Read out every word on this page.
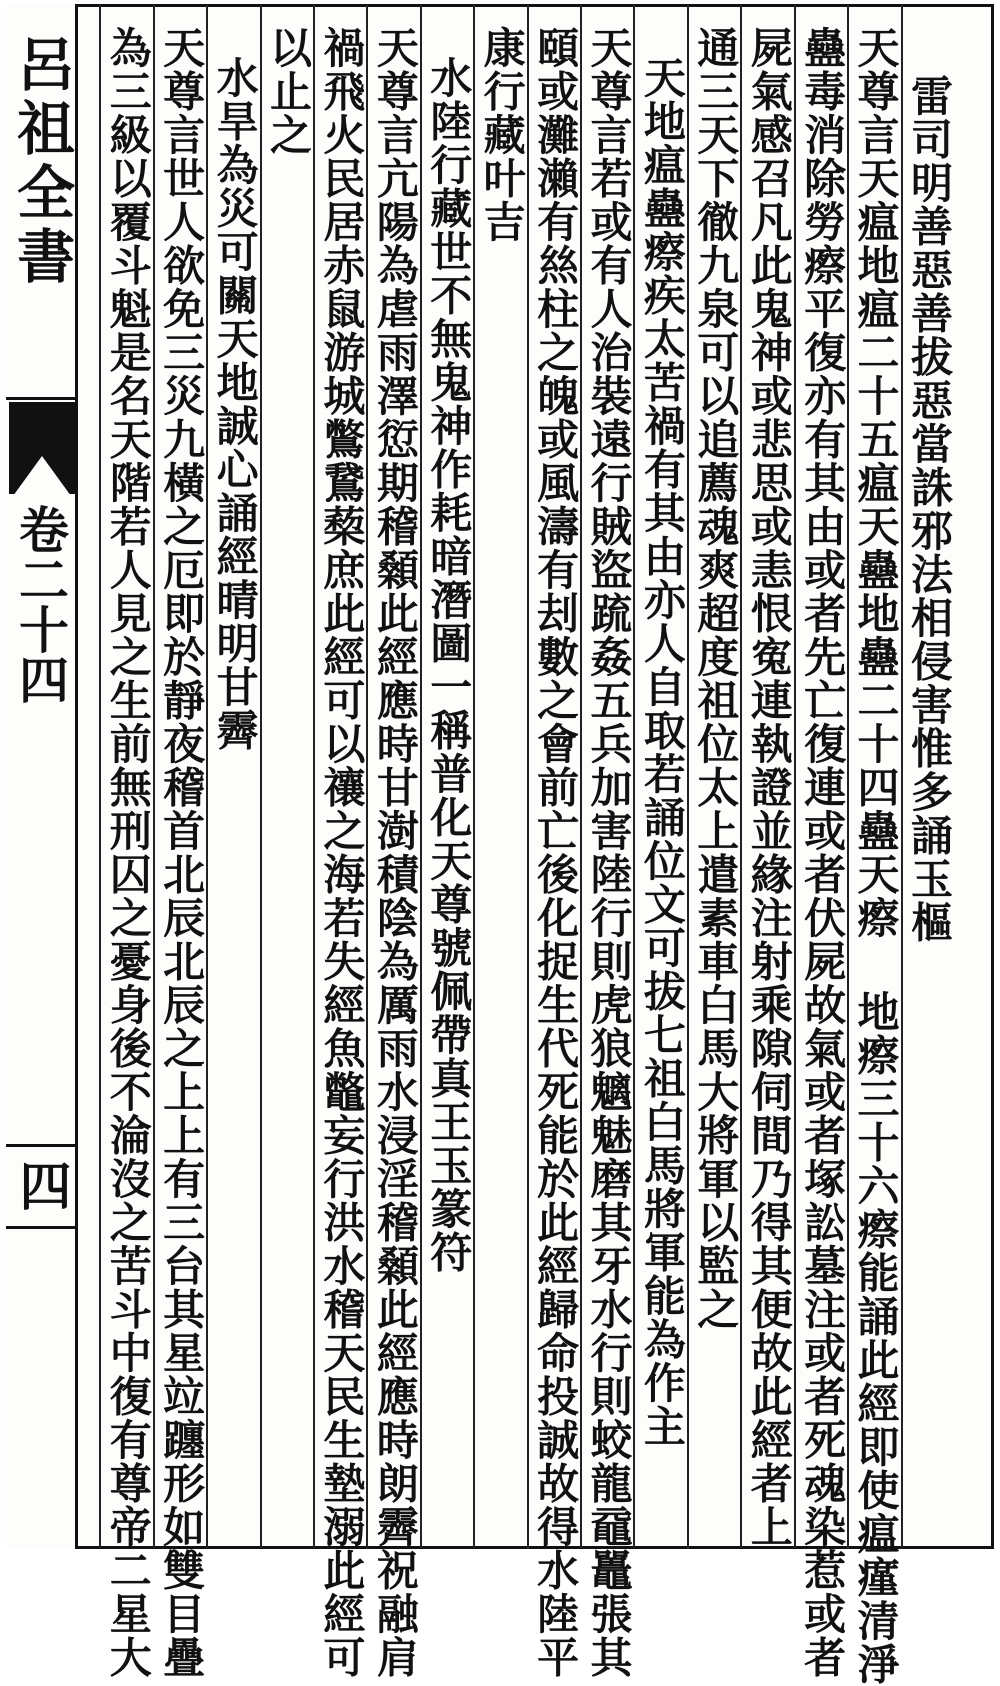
雷司明善惡善拔惡當誅邪法相侵害惟多誦玉樞
天尊言天瘟地瘟二十五瘟天蠱地蠱二十四蠱天瘵 地瘵三十六瘵能誦此經即使瘟瘽清淨
蠱毒消除勞瘵平復亦有其由或者先亡復連或者伏屍故氣或者塚訟墓注或者死魂染惹或者
屍氣感召凡此鬼神或悲思或恚恨寃連執證並緣注射乘隙伺間乃得其便故此經者上
通三天下徹九泉可以追薦魂爽超度祖位太上遣素車白馬大將軍以監之
天地瘟蠱瘵疾太苦禍有其由亦人自取若誦位文可拔七祖白馬將軍能為作主
天尊言若或有人治裝遠行賊盜䟽姦五兵加害陸行則虎狼魑魅磨其牙水行則蛟龍黿鼉張其
頤或灘瀨有𢇁柱之魄或風濤有刦數之會前亡後化捉生代死能於此經歸命投誠故得水陸平
康行藏叶吉
水陸行藏世不無鬼神作耗暗潛圖一稱普化天尊號佩帶真王玉篆符
天尊言亢陽為虐雨澤愆期稽顙此經應時甘澍積陰為厲雨水浸淫稽顙此經應時朗霽祝融肩
禍飛火民居赤鼠游城鷩鵞蔾庶此經可以禳之海若失經魚鼈妄行洪水稽天民生墊溺此經可
以止之
水旱為災可關天地誠心誦經晴明甘霽
天尊言世人欲免三災九橫之厄即於靜夜稽首北辰北辰之上上有三台其星竝躔形如雙目疊
為三級以覆斗魁是名天階若人見之生前無刑囚之憂身後不淪沒之苦斗中復有尊帝二星大
呂祖全書
卷二十四
四
